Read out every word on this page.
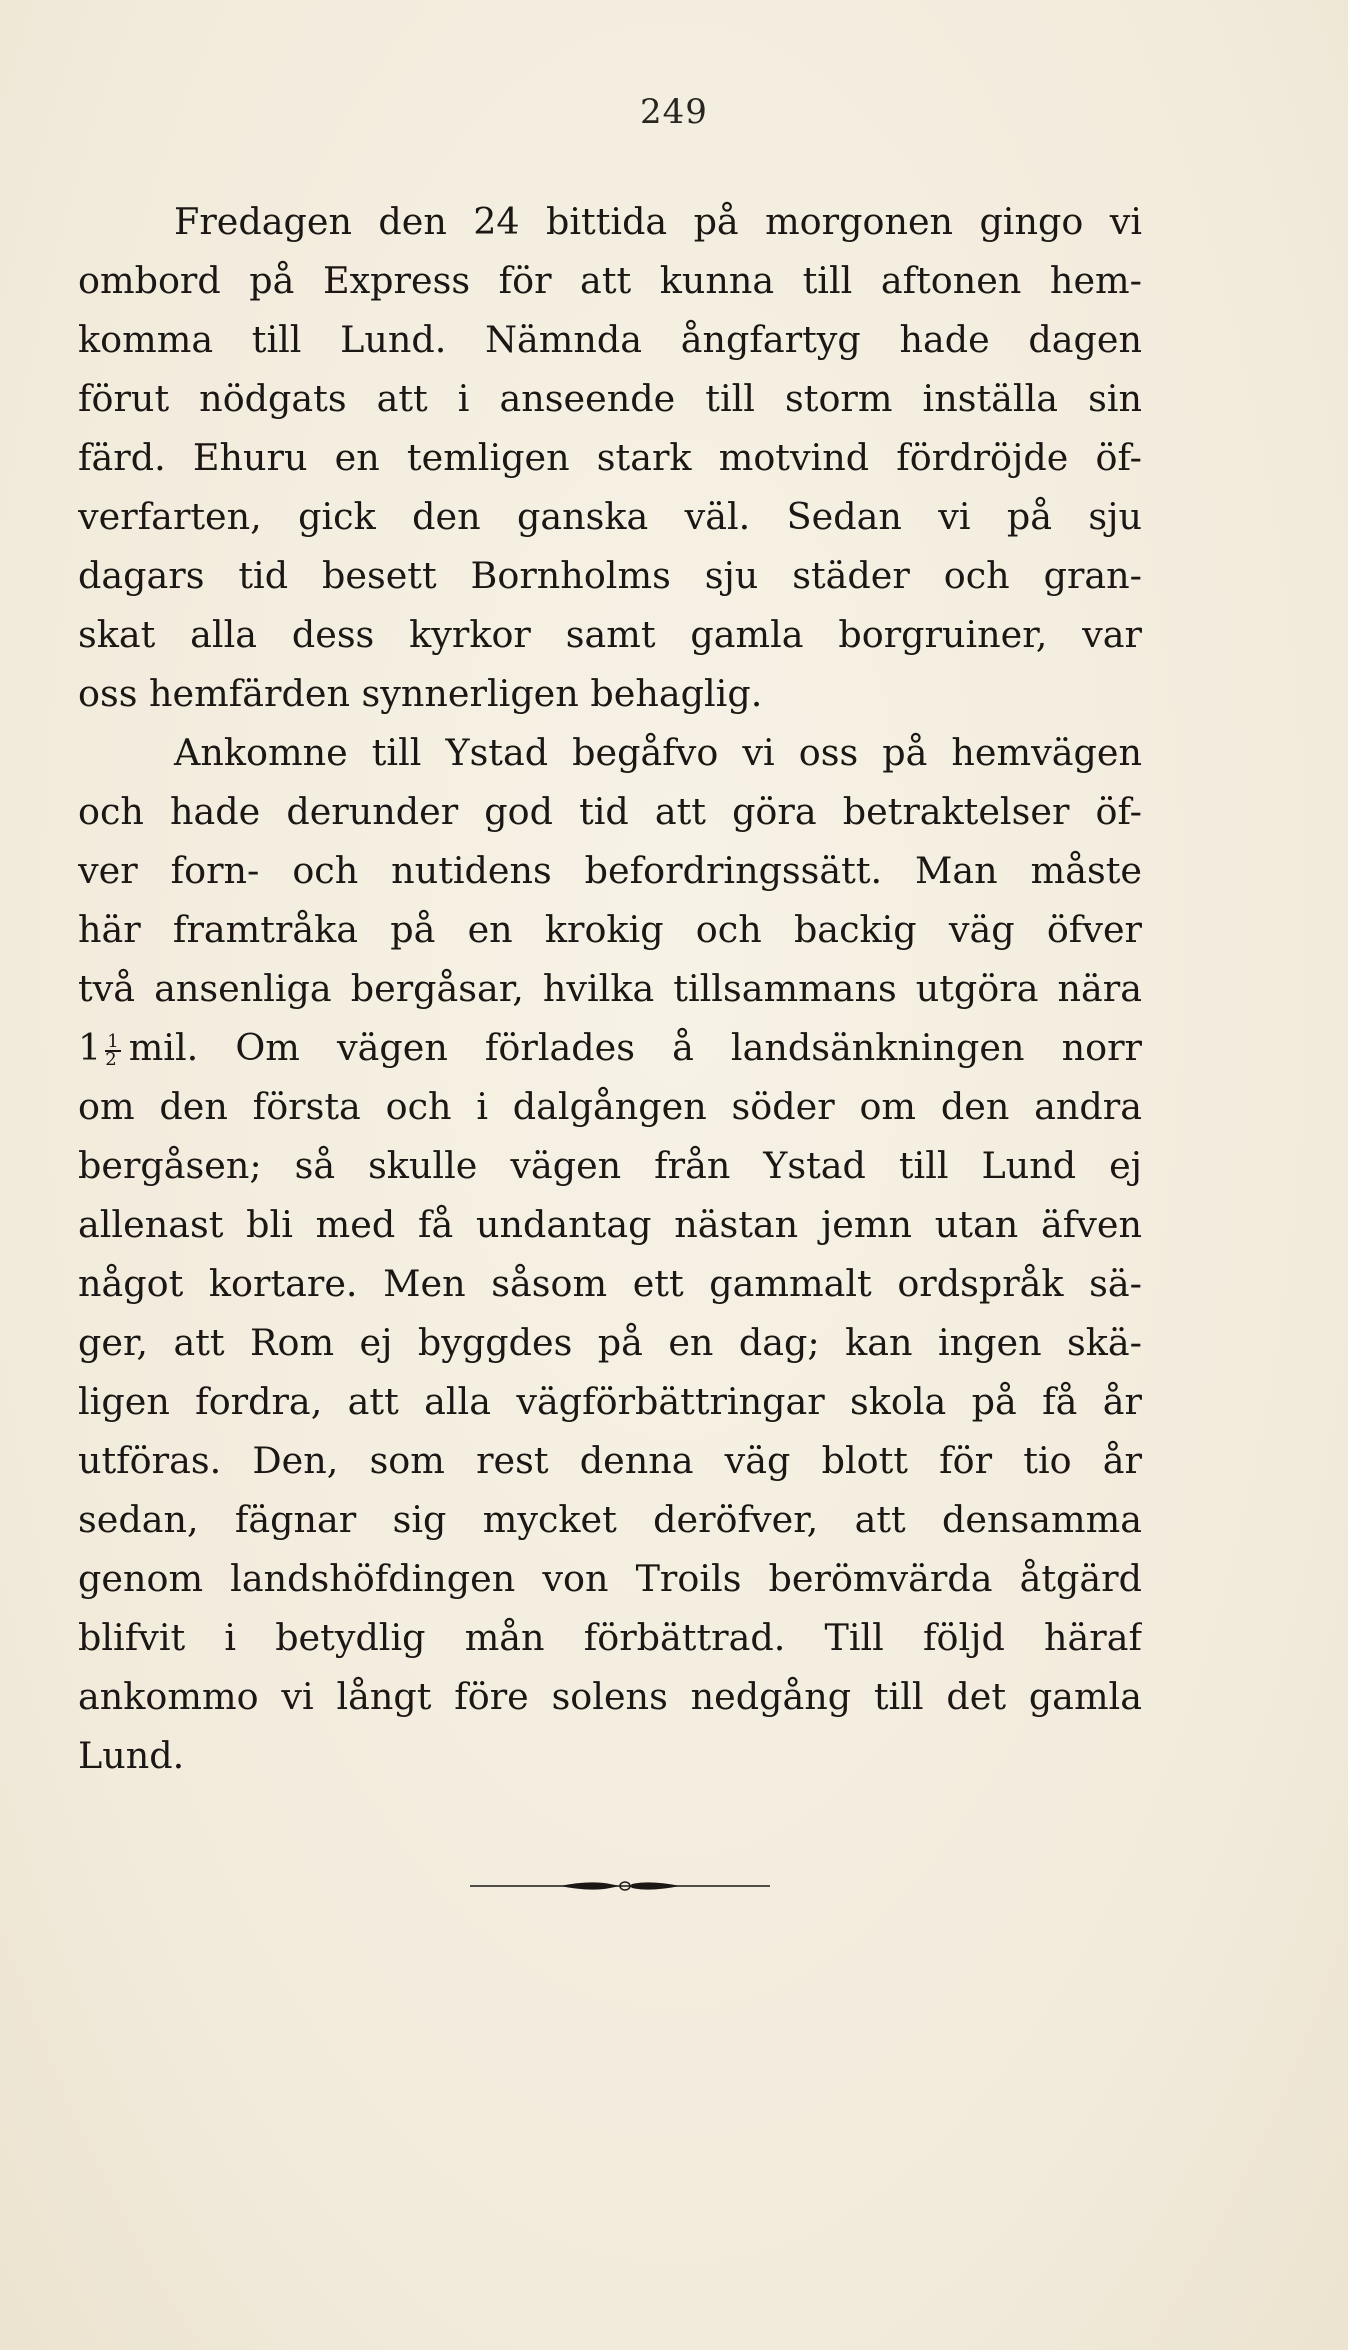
249
Fredagen den 24 bittida på morgonen gingo vi
ombord på Express för att kunna till aftonen hem-
komma till Lund. Nämnda ångfartyg hade dagen
förut nödgats att i anseende till storm inställa sin
färd. Ehuru en temligen stark motvind fördröjde öf-
verfarten, gick den ganska väl. Sedan vi på sju
dagars tid besett Bornholms sju städer och gran-
skat alla dess kyrkor samt gamla borgruiner, var
oss hemfärden synnerligen behaglig.
Ankomne till Ystad begåfvo vi oss på hemvägen
och hade derunder god tid att göra betraktelser öf-
ver forn- och nutidens befordringssätt. Man måste
här framtråka på en krokig och backig väg öfver
två ansenliga bergåsar, hvilka tillsammans utgöra nära
$1 \frac{1}{2}$ mil. Om vägen förlades å landsänkningen norr
om den första och i dalgången söder om den andra
bergåsen; så skulle vägen från Ystad till Lund ej
allenast bli med få undantag nästan jemn utan äfven
något kortare. Men såsom ett gammalt ordspråk sä-
ger, att Rom ej byggdes på en dag; kan ingen skä-
ligen fordra, att alla vägförbättringar skola på få år
utföras. Den, som rest denna väg blott för tio år
sedan, fägnar sig mycket deröfver, att densamma
genom landshöfdingen von Troils berömvärda åtgärd
blifvit i betydlig mån förbättrad. Till följd häraf
ankommo vi långt före solens nedgång till det gamla
Lund.
